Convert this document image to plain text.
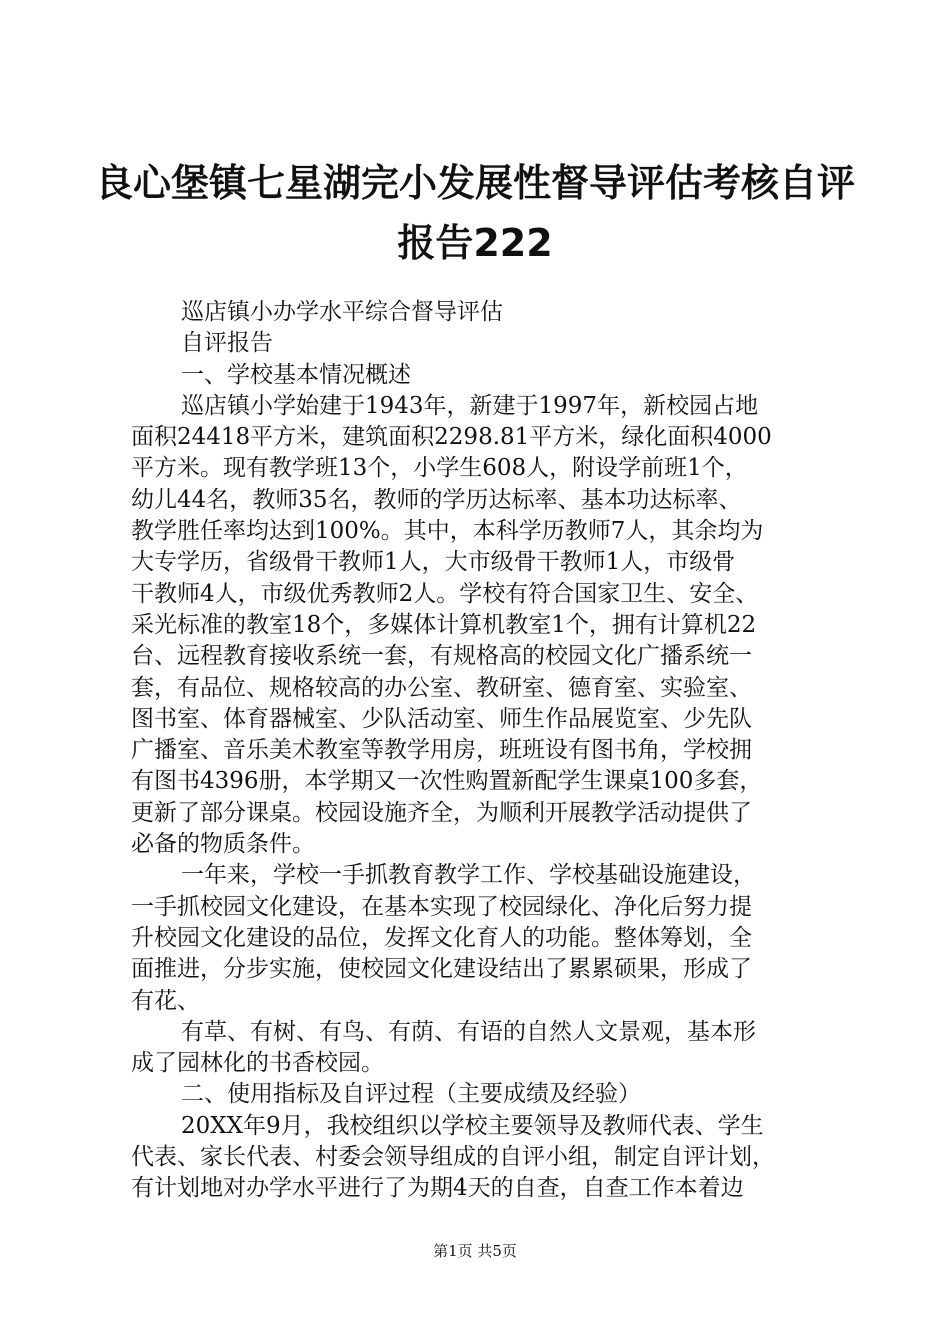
良心堡镇七星湖完小发展性督导评估考核自评
报告222
巡店镇小办学水平综合督导评估
自评报告
一、学校基本情况概述
巡店镇小学始建于1943年，新建于1997年，新校园占地
面积24418平方米，建筑面积2298.81平方米，绿化面积4000
平方米。现有教学班13个，小学生608人，附设学前班1个，
幼儿44名，教师35名，教师的学历达标率、基本功达标率、
教学胜任率均达到100%。其中，本科学历教师7人，其余均为
大专学历，省级骨干教师1人，大市级骨干教师1人，市级骨
干教师4人，市级优秀教师2人。学校有符合国家卫生、安全、
采光标准的教室18个，多媒体计算机教室1个，拥有计算机22
台、远程教育接收系统一套，有规格高的校园文化广播系统一
套，有品位、规格较高的办公室、教研室、德育室、实验室、
图书室、体育器械室、少队活动室、师生作品展览室、少先队
广播室、音乐美术教室等教学用房，班班设有图书角，学校拥
有图书4396册，本学期又一次性购置新配学生课桌100多套，
更新了部分课桌。校园设施齐全，为顺利开展教学活动提供了
必备的物质条件。
一年来，学校一手抓教育教学工作、学校基础设施建设，
一手抓校园文化建设，在基本实现了校园绿化、净化后努力提
升校园文化建设的品位，发挥文化育人的功能。整体筹划，全
面推进，分步实施，使校园文化建设结出了累累硕果，形成了
有花、
有草、有树、有鸟、有荫、有语的自然人文景观，基本形
成了园林化的书香校园。
二、使用指标及自评过程（主要成绩及经验）
20XX年9月，我校组织以学校主要领导及教师代表、学生
代表、家长代表、村委会领导组成的自评小组，制定自评计划，
有计划地对办学水平进行了为期4天的自查，自查工作本着边
第1页 共5页
